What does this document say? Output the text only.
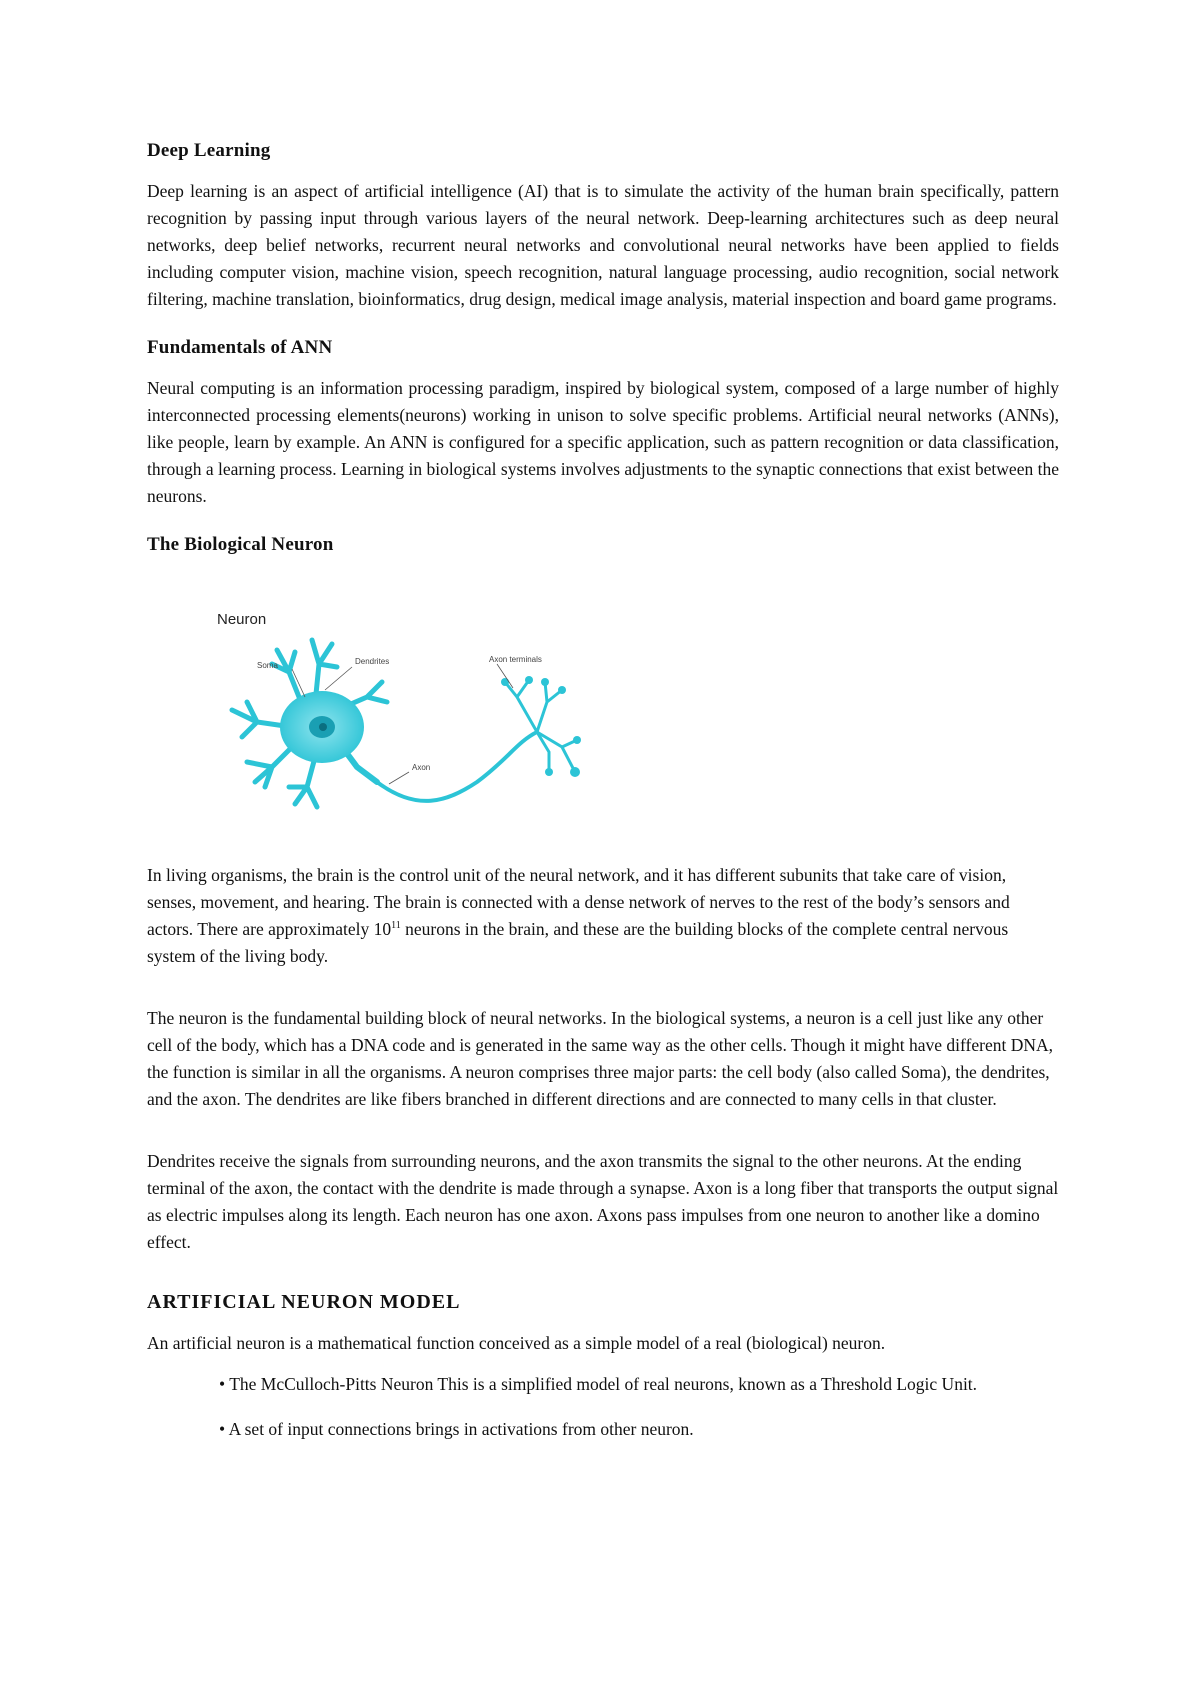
Deep Learning

Deep learning is an aspect of artificial intelligence (AI) that is to simulate the activity of the human brain specifically, pattern recognition by passing input through various layers of the neural network. Deep-learning architectures such as deep neural networks, deep belief networks, recurrent neural networks and convolutional neural networks have been applied to fields including computer vision, machine vision, speech recognition, natural language processing, audio recognition, social network filtering, machine translation, bioinformatics, drug design, medical image analysis, material inspection and board game programs.

Fundamentals of ANN

Neural computing is an information processing paradigm, inspired by biological system, composed of a large number of highly interconnected processing elements(neurons) working in unison to solve specific problems. Artificial neural networks (ANNs), like people, learn by example. An ANN is configured for a specific application, such as pattern recognition or data classification, through a learning process. Learning in biological systems involves adjustments to the synaptic connections that exist between the neurons.

The Biological Neuron
Neuron
Dendrites
Soma
Axon
Axon terminals

In living organisms, the brain is the control unit of the neural network, and it has different subunits that take care of vision, senses, movement, and hearing. The brain is connected with a dense network of nerves to the rest of the body’s sensors and actors. There are approximately $10^{11}$ neurons in the brain, and these are the building blocks of the complete central nervous system of the living body.

The neuron is the fundamental building block of neural networks. In the biological systems, a neuron is a cell just like any other cell of the body, which has a DNA code and is generated in the same way as the other cells. Though it might have different DNA, the function is similar in all the organisms. A neuron comprises three major parts: the cell body (also called Soma), the dendrites, and the axon. The dendrites are like fibers branched in different directions and are connected to many cells in that cluster.

Dendrites receive the signals from surrounding neurons, and the axon transmits the signal to the other neurons. At the ending terminal of the axon, the contact with the dendrite is made through a synapse. Axon is a long fiber that transports the output signal as electric impulses along its length. Each neuron has one axon. Axons pass impulses from one neuron to another like a domino effect.

ARTIFICIAL NEURON MODEL

An artificial neuron is a mathematical function conceived as a simple model of a real (biological) neuron.

• The McCulloch-Pitts Neuron This is a simplified model of real neurons, known as a Threshold Logic Unit.
• A set of input connections brings in activations from other neuron.
